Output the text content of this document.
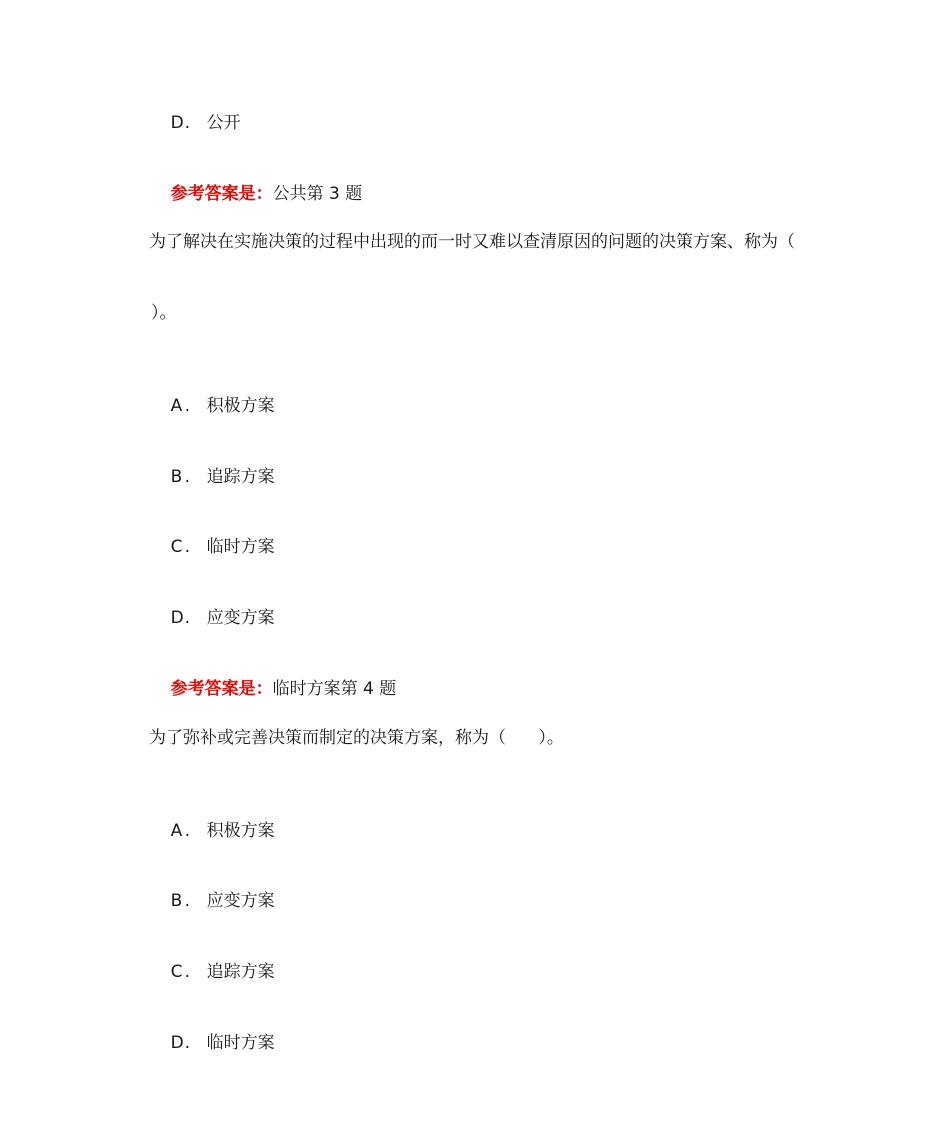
D. 公开

参考答案是：公共第 3 题

为了解决在实施决策的过程中出现的而一时又难以查清原因的问题的决策方案、称为（
）。

A . 积极方案

B . 追踪方案

C . 临时方案

D. 应变方案

参考答案是：临时方案第 4 题

为了弥补或完善决策而制定的决策方案，称为（      ）。

A . 积极方案

B . 应变方案

C . 追踪方案

D. 临时方案
